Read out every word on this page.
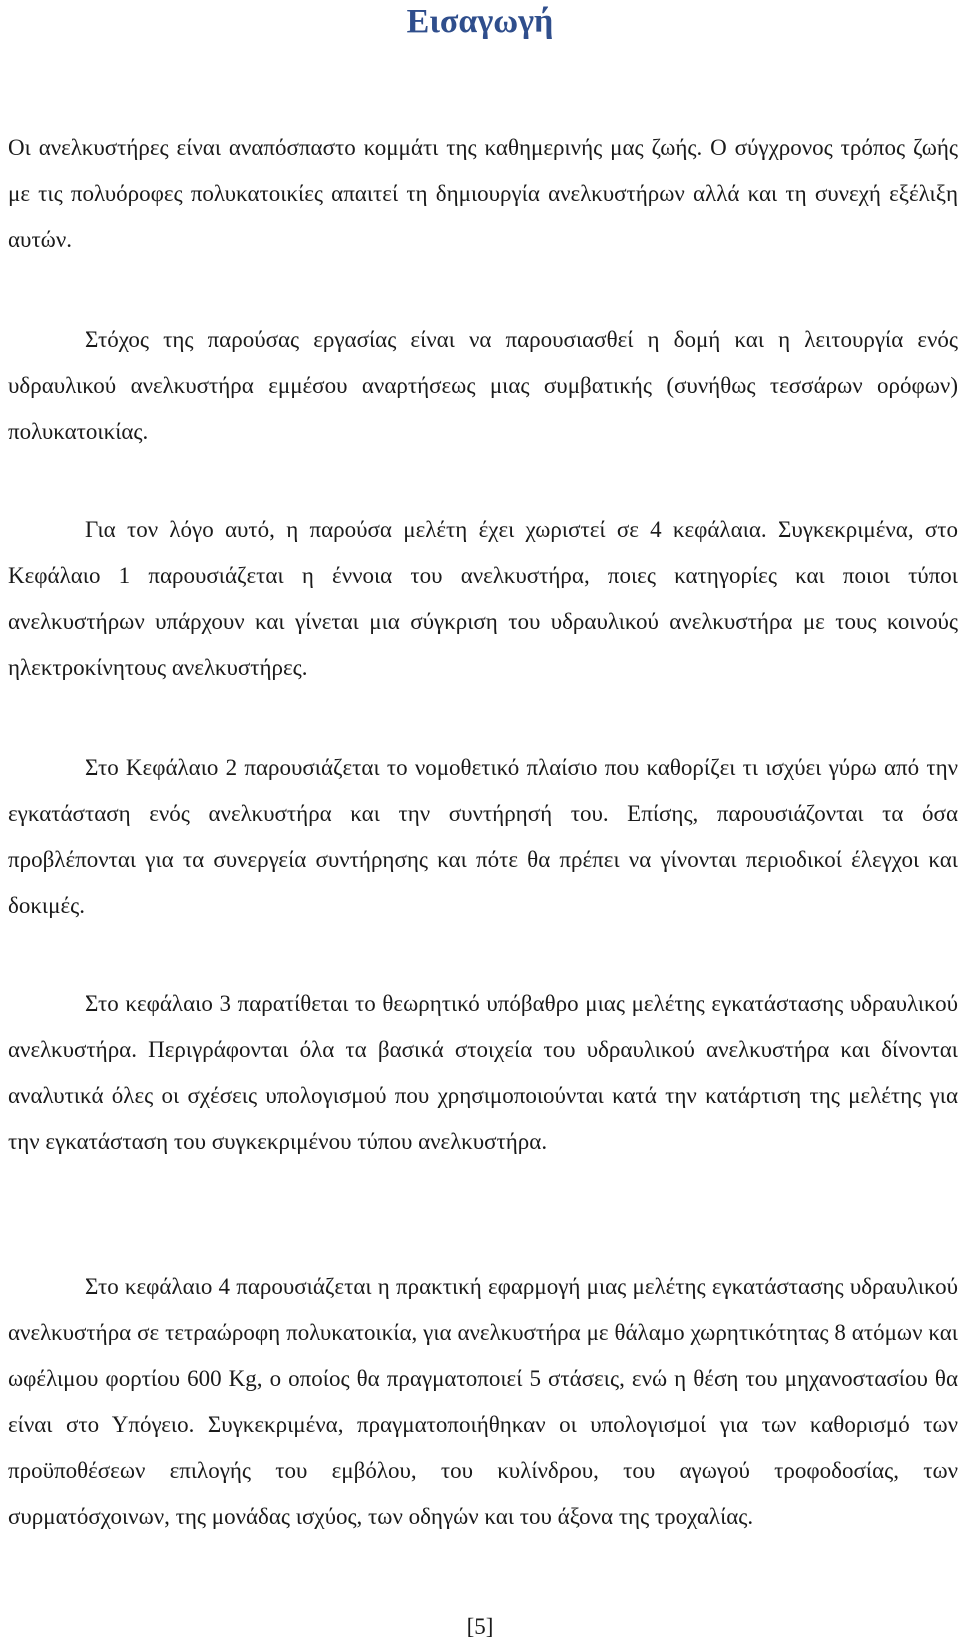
Εισαγωγή

Οι ανελκυστήρες είναι αναπόσπαστο κομμάτι της καθημερινής μας ζωής. Ο σύγχρονος τρόπος ζωής με τις πολυόροφες πολυκατοικίες απαιτεί τη δημιουργία ανελκυστήρων αλλά και τη συνεχή εξέλιξη αυτών.

Στόχος της παρούσας εργασίας είναι να παρουσιασθεί η δομή και η λειτουργία ενός υδραυλικού ανελκυστήρα εμμέσου αναρτήσεως μιας συμβατικής (συνήθως τεσσάρων ορόφων) πολυκατοικίας.

Για τον λόγο αυτό, η παρούσα μελέτη έχει χωριστεί σε 4 κεφάλαια. Συγκεκριμένα, στο Κεφάλαιο 1 παρουσιάζεται η έννοια του ανελκυστήρα, ποιες κατηγορίες και ποιοι τύποι ανελκυστήρων υπάρχουν και γίνεται μια σύγκριση του υδραυλικού ανελκυστήρα με τους κοινούς ηλεκτροκίνητους ανελκυστήρες.

Στο Κεφάλαιο 2 παρουσιάζεται το νομοθετικό πλαίσιο που καθορίζει τι ισχύει γύρω από την εγκατάσταση ενός ανελκυστήρα και την συντήρησή του. Επίσης, παρουσιάζονται τα όσα προβλέπονται για τα συνεργεία συντήρησης και πότε θα πρέπει να γίνονται περιοδικοί έλεγχοι και δοκιμές.

Στο κεφάλαιο 3 παρατίθεται το θεωρητικό υπόβαθρο μιας μελέτης εγκατάστασης υδραυλικού ανελκυστήρα. Περιγράφονται όλα τα βασικά στοιχεία του υδραυλικού ανελκυστήρα και δίνονται αναλυτικά όλες οι σχέσεις υπολογισμού που χρησιμοποιούνται κατά την κατάρτιση της μελέτης για την εγκατάσταση του συγκεκριμένου τύπου ανελκυστήρα.

Στο κεφάλαιο 4 παρουσιάζεται η πρακτική εφαρμογή μιας μελέτης εγκατάστασης υδραυλικού ανελκυστήρα σε τετραώροφη πολυκατοικία, για ανελκυστήρα με θάλαμο χωρητικότητας 8 ατόμων και ωφέλιμου φορτίου 600 Kg, ο οποίος θα πραγματοποιεί 5 στάσεις, ενώ η θέση του μηχανοστασίου θα είναι στο Υπόγειο. Συγκεκριμένα, πραγματοποιήθηκαν οι υπολογισμοί για των καθορισμό των προϋποθέσεων επιλογής του εμβόλου, του κυλίνδρου, του αγωγού τροφοδοσίας, των συρματόσχοινων, της μονάδας ισχύος, των οδηγών και του άξονα της τροχαλίας.

[5]
